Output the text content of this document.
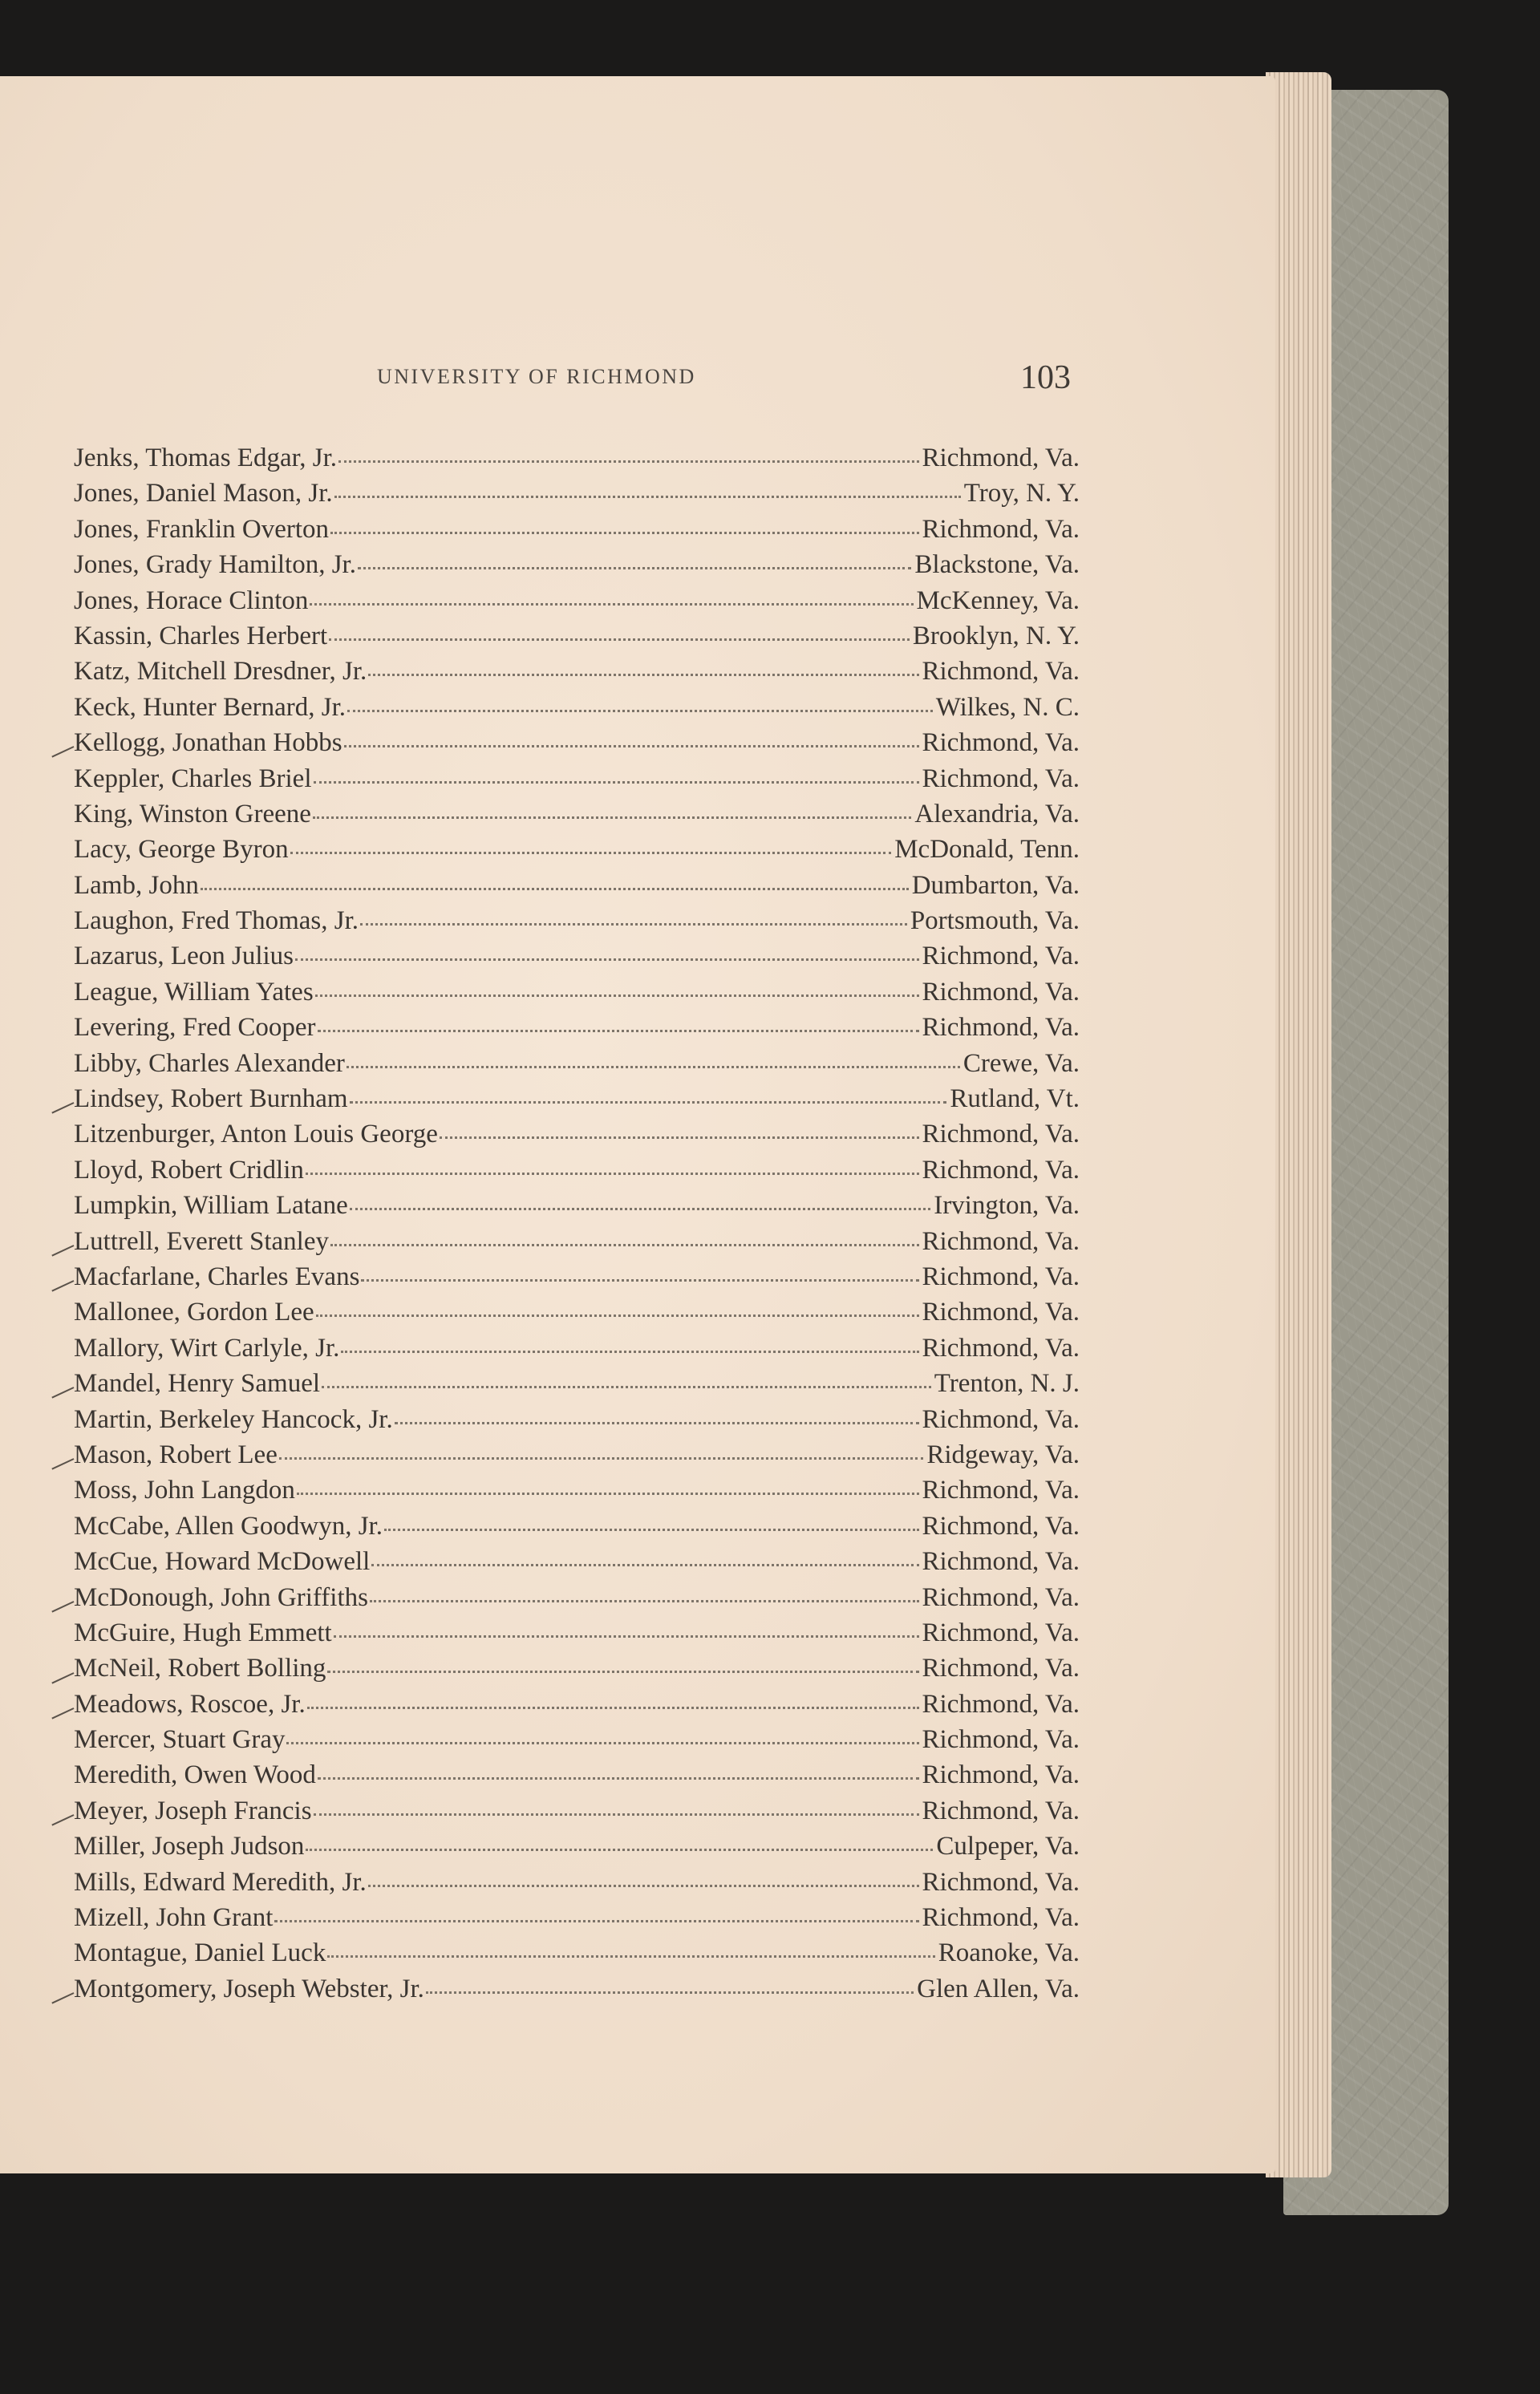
UNIVERSITY OF RICHMOND	103
Jenks, Thomas Edgar, Jr.	Richmond, Va.
Jones, Daniel Mason, Jr.	Troy, N. Y.
Jones, Franklin Overton	Richmond, Va.
Jones, Grady Hamilton, Jr.	Blackstone, Va.
Jones, Horace Clinton	McKenney, Va.
Kassin, Charles Herbert	Brooklyn, N. Y.
Katz, Mitchell Dresdner, Jr.	Richmond, Va.
Keck, Hunter Bernard, Jr.	Wilkes, N. C.
Kellogg, Jonathan Hobbs	Richmond, Va.
Keppler, Charles Briel	Richmond, Va.
King, Winston Greene	Alexandria, Va.
Lacy, George Byron	McDonald, Tenn.
Lamb, John	Dumbarton, Va.
Laughon, Fred Thomas, Jr.	Portsmouth, Va.
Lazarus, Leon Julius	Richmond, Va.
League, William Yates	Richmond, Va.
Levering, Fred Cooper	Richmond, Va.
Libby, Charles Alexander	Crewe, Va.
Lindsey, Robert Burnham	Rutland, Vt.
Litzenburger, Anton Louis George	Richmond, Va.
Lloyd, Robert Cridlin	Richmond, Va.
Lumpkin, William Latane	Irvington, Va.
Luttrell, Everett Stanley	Richmond, Va.
Macfarlane, Charles Evans	Richmond, Va.
Mallonee, Gordon Lee	Richmond, Va.
Mallory, Wirt Carlyle, Jr.	Richmond, Va.
Mandel, Henry Samuel	Trenton, N. J.
Martin, Berkeley Hancock, Jr.	Richmond, Va.
Mason, Robert Lee	Ridgeway, Va.
Moss, John Langdon	Richmond, Va.
McCabe, Allen Goodwyn, Jr.	Richmond, Va.
McCue, Howard McDowell	Richmond, Va.
McDonough, John Griffiths	Richmond, Va.
McGuire, Hugh Emmett	Richmond, Va.
McNeil, Robert Bolling	Richmond, Va.
Meadows, Roscoe, Jr.	Richmond, Va.
Mercer, Stuart Gray	Richmond, Va.
Meredith, Owen Wood	Richmond, Va.
Meyer, Joseph Francis	Richmond, Va.
Miller, Joseph Judson	Culpeper, Va.
Mills, Edward Meredith, Jr.	Richmond, Va.
Mizell, John Grant	Richmond, Va.
Montague, Daniel Luck	Roanoke, Va.
Montgomery, Joseph Webster, Jr.	Glen Allen, Va.
